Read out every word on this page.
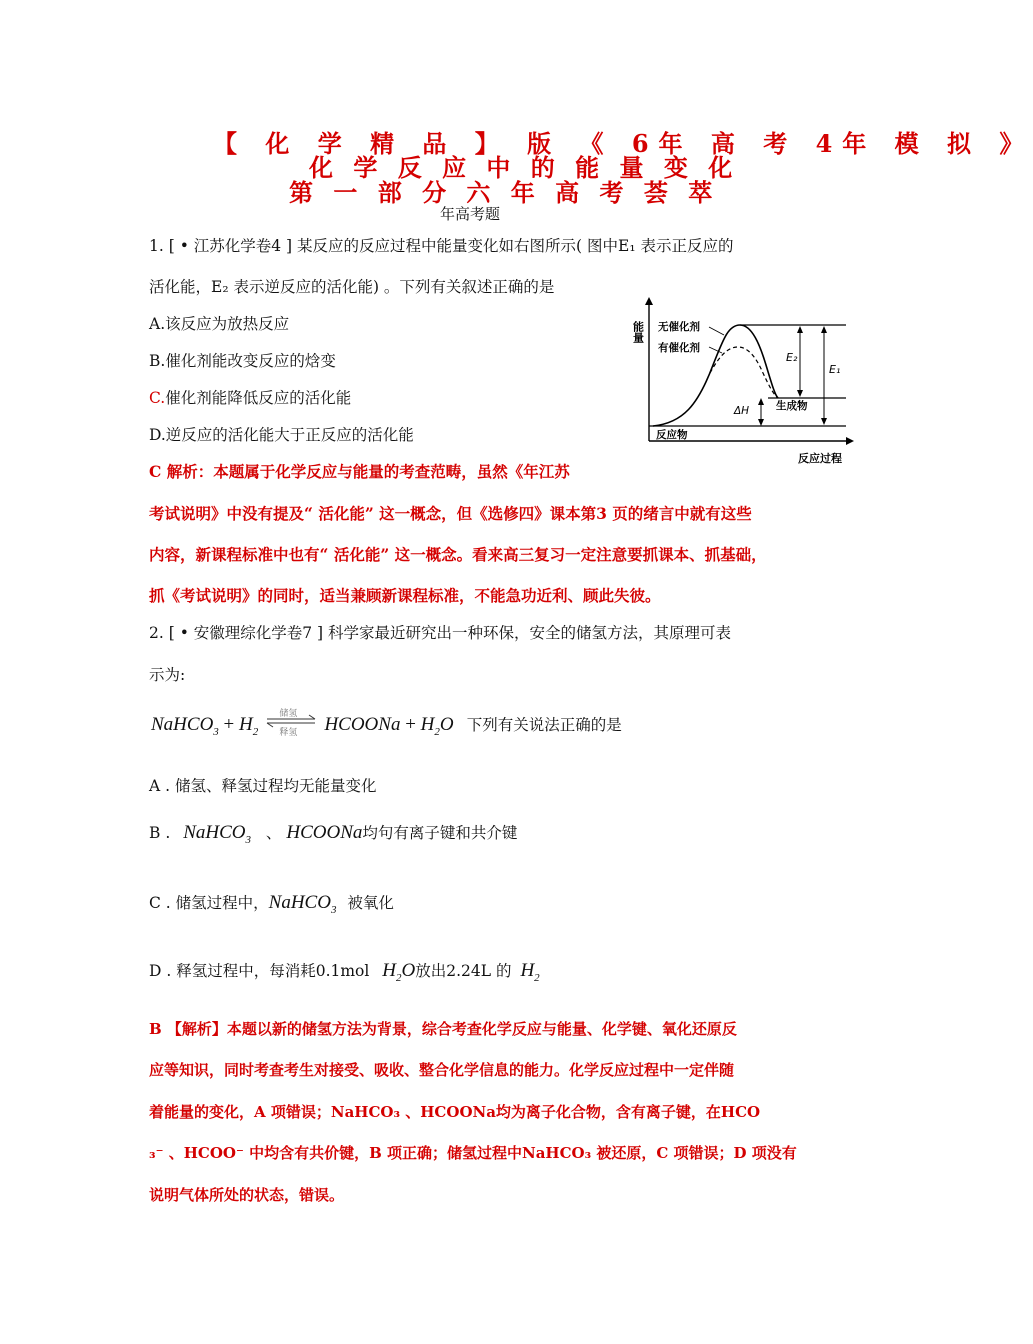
【 化 学 精 品 】 版 《 6年 高 考 4年 模 拟 》
化 学 反 应 中 的 能 量 变 化
第 一 部 分 六 年 高 考 荟 萃
年高考题
1. [ • 江苏化学卷4 ] 某反应的反应过程中能量变化如右图所示( 图中E₁ 表示正反应的
活化能，E₂ 表示逆反应的活化能) 。下列有关叙述正确的是
A.该反应为放热反应
B.催化剂能改变反应的焓变
C.催化剂能降低反应的活化能
D.逆反应的活化能大于正反应的活化能
能量
反应过程
无催化剂
有催化剂
E₂
E₁
ΔH	生成物
反应物
C 解析：本题属于化学反应与能量的考查范畴，虽然《年江苏
考试说明》中没有提及“ 活化能” 这一概念，但《选修四》课本第3 页的绪言中就有这些
内容，新课程标准中也有“ 活化能” 这一概念。看来高三复习一定注意要抓课本、抓基础，
抓《考试说明》的同时，适当兼顾新课程标准，不能急功近利、顾此失彼。
2. [ • 安徽理综化学卷7 ] 科学家最近研究出一种环保，安全的储氢方法，其原理可表
示为:
NaHCO$_3$ + $H_2$
储氢
释氢 HCOONa + $H_2O$ 下列有关说法正确的是
A . 储氢、释氢过程均无能量变化
B . NaHCO$_3$ 、 HCOONa均句有离子键和共介键
C . 储氢过程中，NaHCO$_3$ 被氧化
D . 释氢过程中，每消耗0.1mol $H_2O$放出2.24L 的 $H_2$
B 【解析】本题以新的储氢方法为背景，综合考查化学反应与能量、化学键、氧化还原反
应等知识，同时考查考生对接受、吸收、整合化学信息的能力。化学反应过程中一定伴随
着能量的变化，A 项错误；NaHCO₃ 、HCOONa均为离子化合物，含有离子键，在HCO
₃⁻ 、HCOO⁻ 中均含有共价键，B 项正确；储氢过程中NaHCO₃ 被还原，C 项错误；D 项没有
说明气体所处的状态，错误。
